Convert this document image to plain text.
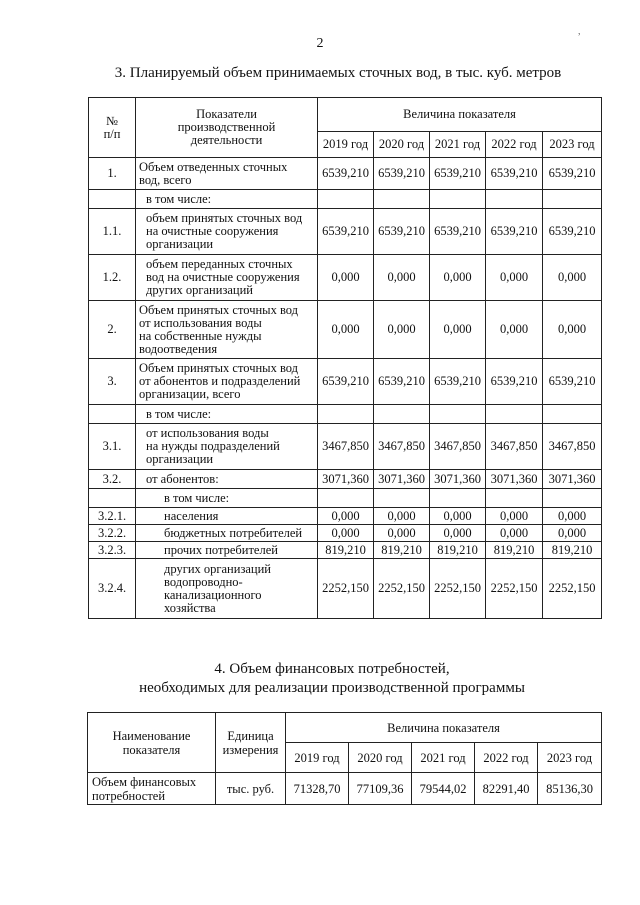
2
3. Планируемый объем принимаемых сточных вод, в тыс. куб. метров
№
п/п	Показатели
производственной
деятельности	Величина показателя				
		2019 год	2020 год	2021 год	2022 год	2023 год
1.	Объем отведенных сточных
вод, всего	6539,210	6539,210	6539,210	6539,210	6539,210
	в том числе:					
1.1.	объем принятых сточных вод
на очистные сооружения
организации	6539,210	6539,210	6539,210	6539,210	6539,210
1.2.	объем переданных сточных
вод на очистные сооружения
других организаций	0,000	0,000	0,000	0,000	0,000
2.	Объем принятых сточных вод
от использования воды
на собственные нужды
водоотведения	0,000	0,000	0,000	0,000	0,000
3.	Объем принятых сточных вод
от абонентов и подразделений
организации, всего	6539,210	6539,210	6539,210	6539,210	6539,210
	в том числе:					
3.1.	от использования воды
на нужды подразделений
организации	3467,850	3467,850	3467,850	3467,850	3467,850
3.2.	от абонентов:	3071,360	3071,360	3071,360	3071,360	3071,360
	в том числе:					
3.2.1.	населения	0,000	0,000	0,000	0,000	0,000
3.2.2.	бюджетных потребителей	0,000	0,000	0,000	0,000	0,000
3.2.3.	прочих потребителей	819,210	819,210	819,210	819,210	819,210
3.2.4.	других организаций
водопроводно-
канализационного
хозяйства	2252,150	2252,150	2252,150	2252,150	2252,150
4. Объем финансовых потребностей,
необходимых для реализации производственной программы
Наименование
показателя	Единица
измерения	Величина показателя				
		2019 год	2020 год	2021 год	2022 год	2023 год
Объем финансовых
потребностей	тыс. руб.	71328,70	77109,36	79544,02	82291,40	85136,30
,
